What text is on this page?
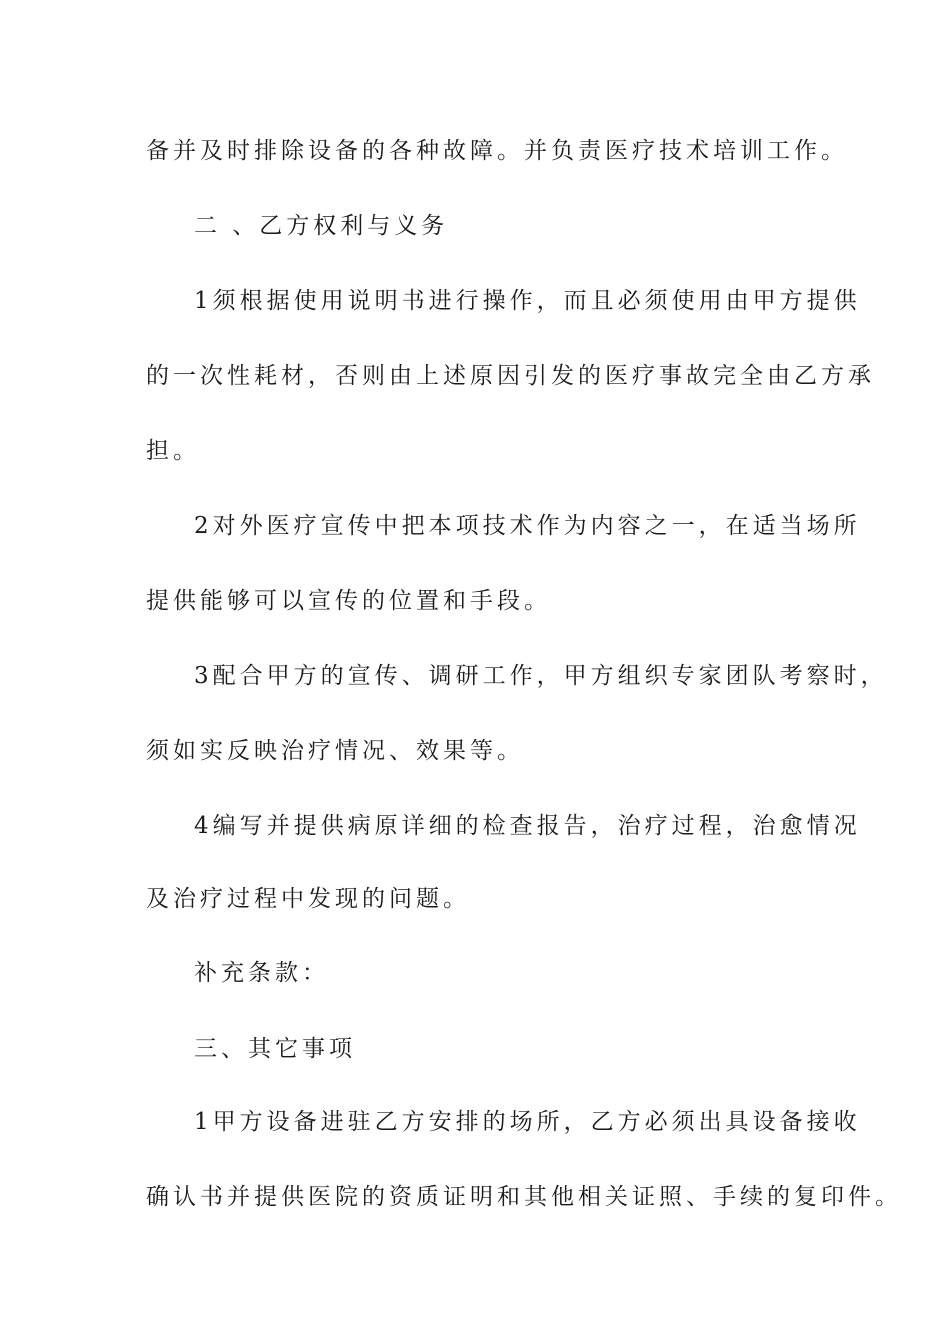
备并及时排除设备的各种故障。并负责医疗技术培训工作。
二 、乙方权利与义务
1须根据使用说明书进行操作，而且必须使用由甲方提供
的一次性耗材，否则由上述原因引发的医疗事故完全由乙方承
担。
2对外医疗宣传中把本项技术作为内容之一，在适当场所
提供能够可以宣传的位置和手段。
3配合甲方的宣传、调研工作，甲方组织专家团队考察时，
须如实反映治疗情况、效果等。
4编写并提供病原详细的检查报告，治疗过程，治愈情况
及治疗过程中发现的问题。
补充条款：
三、其它事项
1甲方设备进驻乙方安排的场所，乙方必须出具设备接收
确认书并提供医院的资质证明和其他相关证照、手续的复印件。
